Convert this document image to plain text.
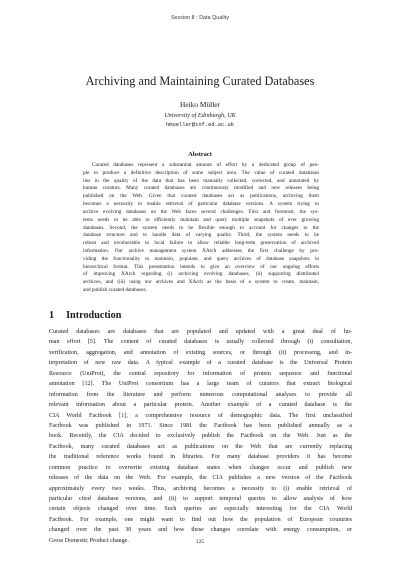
Session 8 : Data Quality
Archiving and Maintaining Curated Databases
Heiko Müller
University of Edinburgh, UK
hmueller@inf.ed.ac.uk
Abstract
Curated databases represent a substantial amount of effort by a dedicated group of peo-
ple to produce a definitive description of some subject area. The value of curated databases
lies in the quality of the data that has been manually collected, corrected, and annotated by
human curators. Many curated databases are continuously modified and new releases being
published on the Web. Given that curated databases act as publications, archiving them
becomes a necessity to enable retrieval of particular database versions. A system trying to
archive evolving databases on the Web faces several challenges. First and foremost, the sys-
tems needs to be able to efficiently maintain and query multiple snapshots of ever growing
databases. Second, the system needs to be flexible enough to account for changes to the
database structure and to handle data of varying quality. Third, the system needs to be
robust and invulnerable to local failure to allow reliable long-term preservation of archived
information. Our archive management system XArch addresses the first challenge by pro-
viding the functionality to maintain, populate, and query archives of database snapshots in
hierarchical format. This presentation intends to give an overview of our ongoing efforts
of improving XArch regarding (i) archiving evolving databases, (ii) supporting distributed
archives, and (iii) using our archives and XArch as the basis of a system to create, maintain,
and publish curated databases.
1 Introduction
Curated databases are databases that are populated and updated with a great deal of hu-
man effort [5]. The content of curated databases is usually collected through (i) consultation,
verification, aggregation, and annotation of existing sources, or through (ii) processing, and in-
terpretation of new raw data. A typical example of a curated database is the Universal Protein
Resource (UniProt), the central repository for information of protein sequence and functional
annotation [12]. The UniProt consortium has a large team of curators that extract biological
information from the literature and perform numerous computational analyses to provide all
relevant information about a particular protein. Another example of a curated database is the
CIA World Factbook [1], a comprehensive resource of demographic data. The first unclassified
Factbook was published in 1971. Since 1981 the Factbook has been published annually as a
book. Recently, the CIA decided to exclusively publish the Factbook on the Web. Just as the
Factbook, many curated databases act as publications on the Web that are currently replacing
the traditional reference works found in libraries. For many database providers it has become
common practice to overwrite existing database states when changes occur and publish new
releases of the data on the Web. For example, the CIA publishes a new version of the Factbook
approximately every two weeks. Thus, archiving becomes a necessity to (i) enable retrieval of
particular cited database versions, and (ii) to support temporal queries to allow analysis of how
certain objects changed over time. Such queries are especially interesting for the CIA World
Factbook. For example, one might want to find out how the population of European countries
changed over the past 30 years and how these changes correlate with energy consumption, or
Gross Domestic Product change.	125
